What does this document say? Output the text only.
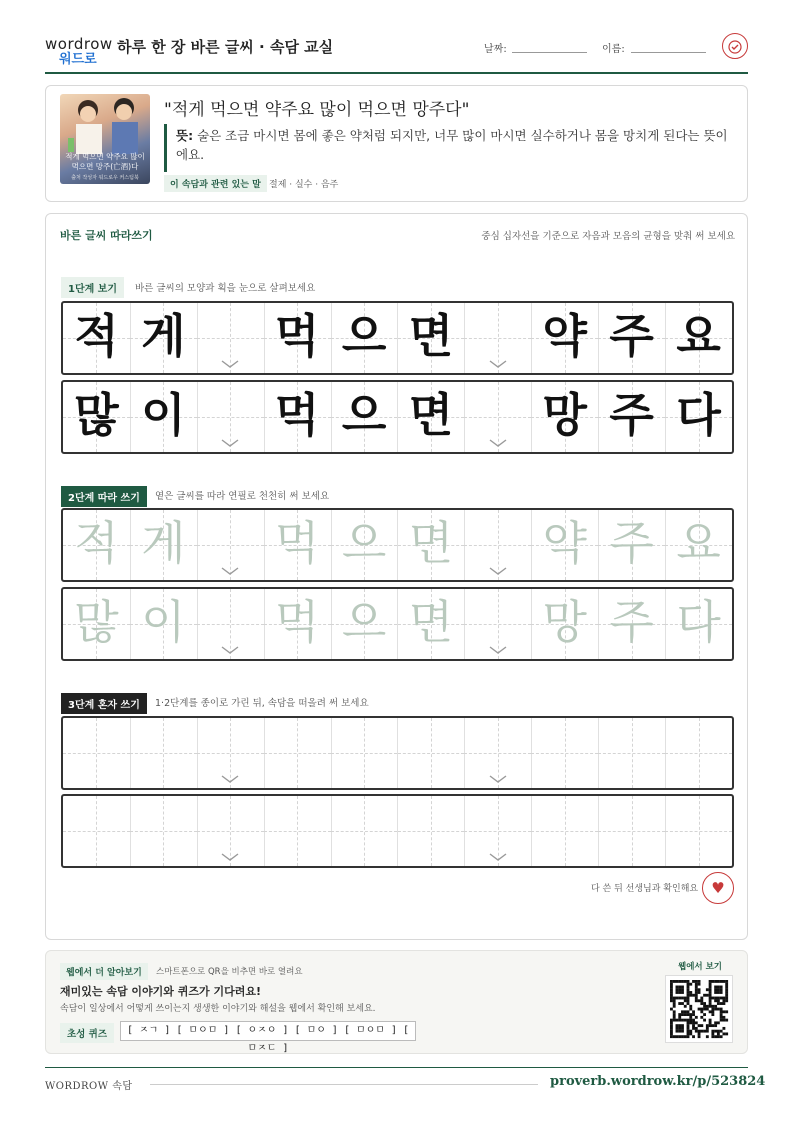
wordrow
워드로
하루 한 장 바른 글씨 · 속담 교실	날짜:	이름:
적게 먹으면 약주요 많이 먹으면 망주(亡酒)다
출처 작성자 워드로우 커스텀북
"적게 먹으면 약주요 많이 먹으면 망주다"
뜻: 술은 조금 마시면 몸에 좋은 약처럼 되지만, 너무 많이 마시면 실수하거나 몸을 망치게 된다는 뜻이에요.
이 속담과 관련 있는 말 절제 · 실수 · 음주
바른 글씨 따라쓰기	중심 십자선을 기준으로 자음과 모음의 균형을 맞춰 써 보세요
1단계 보기	바른 글씨의 모양과 획을 눈으로 살펴보세요
적 게 먹 으 면 약 주 요
많 이 먹 으 면 망 주 다
2단계 따라 쓰기	옅은 글씨를 따라 연필로 천천히 써 보세요
적 게 먹 으 면 약 주 요
많 이 먹 으 면 망 주 다
3단계 혼자 쓰기	1·2단계를 종이로 가린 뒤, 속담을 떠올려 써 보세요
다 쓴 뒤 선생님과 확인해요 ♥
웹에서 더 알아보기	스마트폰으로 QR을 비추면 바로 열려요
재미있는 속담 이야기와 퀴즈가 기다려요!
속담이 일상에서 어떻게 쓰이는지 생생한 이야기와 해설을 웹에서 확인해 보세요.
초성 퀴즈	[ ㅈㄱ ] [ ㅁㅇㅁ ] [ ㅇㅈㅇ ] [ ㅁㅇ ] [ ㅁㅇㅁ ] [ ㅁㅈㄷ ]
웹에서 보기
WORDROW 속담	proverb.wordrow.kr/p/523824
